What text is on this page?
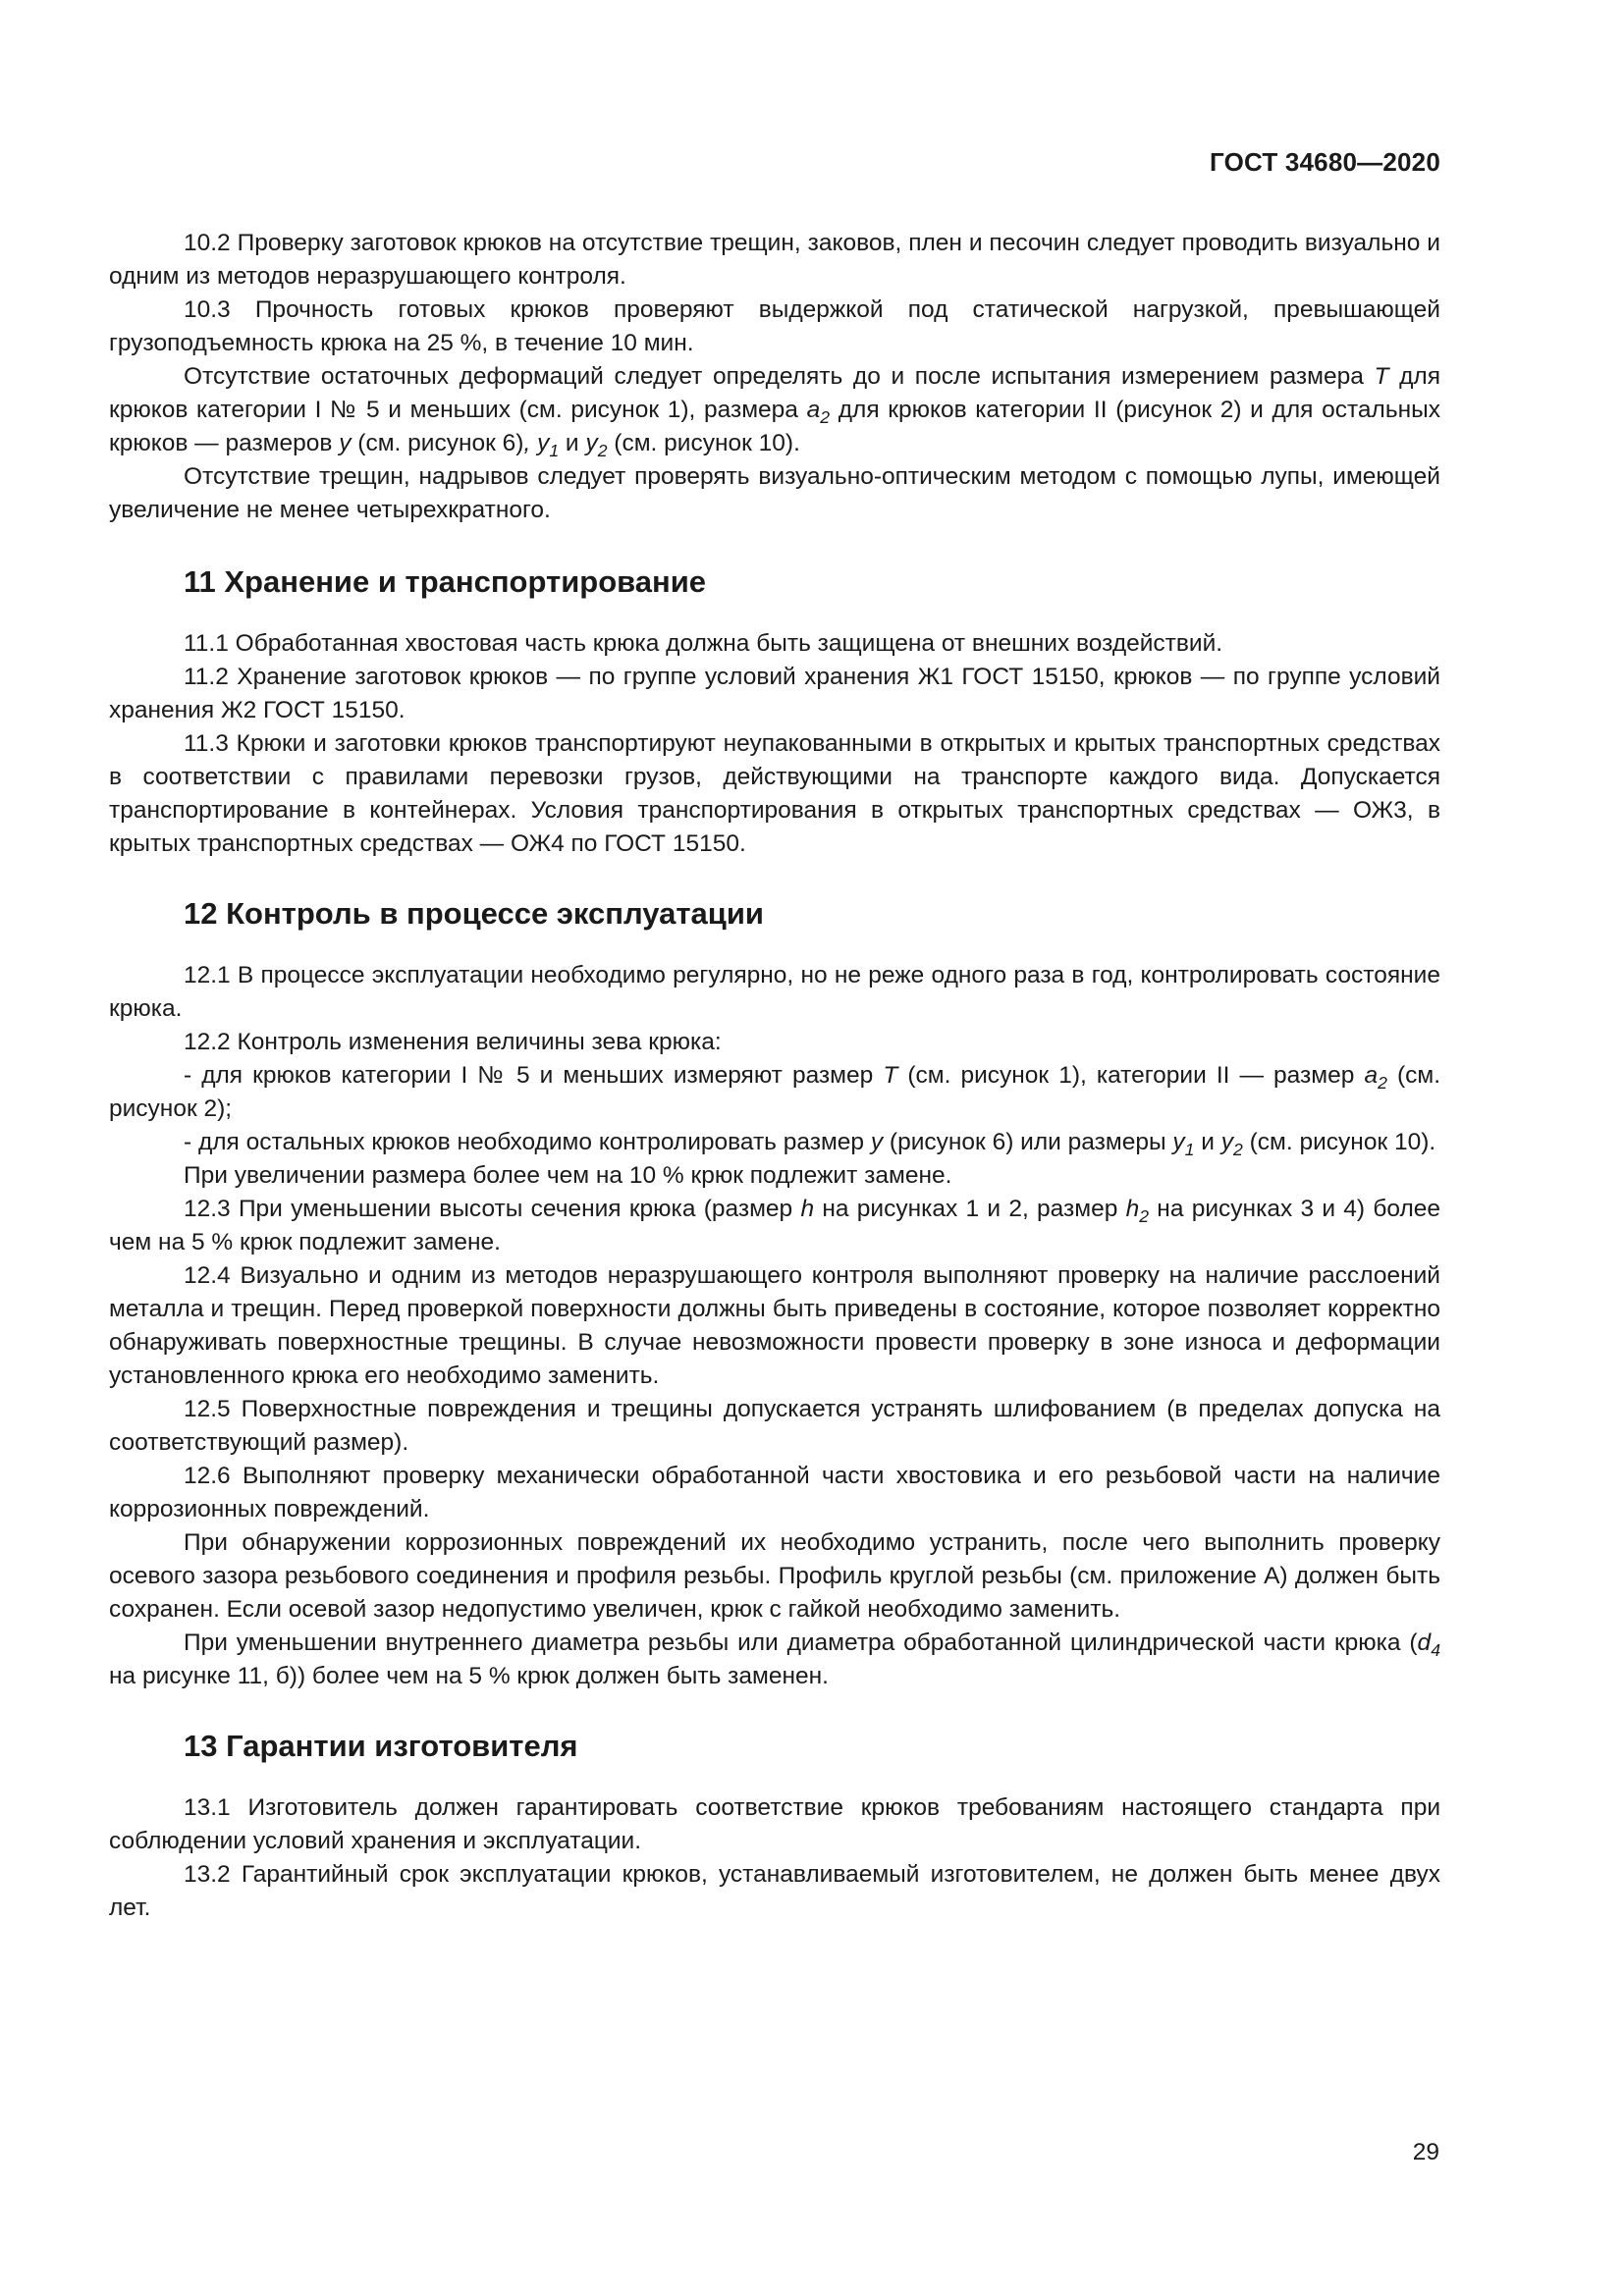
ГОСТ 34680—2020

10.2 Проверку заготовок крюков на отсутствие трещин, заковов, плен и песочин следует проводить визуально и одним из методов неразрушающего контроля.

10.3 Прочность готовых крюков проверяют выдержкой под статической нагрузкой, превышающей грузоподъемность крюка на 25 %, в течение 10 мин.

Отсутствие остаточных деформаций следует определять до и после испытания измерением размера T для крюков категории I № 5 и меньших (см. рисунок 1), размера $a_2$ для крюков категории II (рисунок 2) и для остальных крюков — размеров y (см. рисунок 6), $y_1$ и $y_2$ (см. рисунок 10).

Отсутствие трещин, надрывов следует проверять визуально-оптическим методом с помощью лупы, имеющей увеличение не менее четырехкратного.

11 Хранение и транспортирование

11.1 Обработанная хвостовая часть крюка должна быть защищена от внешних воздействий.

11.2 Хранение заготовок крюков — по группе условий хранения Ж1 ГОСТ 15150, крюков — по группе условий хранения Ж2 ГОСТ 15150.

11.3 Крюки и заготовки крюков транспортируют неупакованными в открытых и крытых транспортных средствах в соответствии с правилами перевозки грузов, действующими на транспорте каждого вида. Допускается транспортирование в контейнерах. Условия транспортирования в открытых транспортных средствах — ОЖ3, в крытых транспортных средствах — ОЖ4 по ГОСТ 15150.

12 Контроль в процессе эксплуатации

12.1 В процессе эксплуатации необходимо регулярно, но не реже одного раза в год, контролировать состояние крюка.

12.2 Контроль изменения величины зева крюка:

- для крюков категории I № 5 и меньших измеряют размер T (см. рисунок 1), категории II — размер $a_2$ (см. рисунок 2);

- для остальных крюков необходимо контролировать размер y (рисунок 6) или размеры $y_1$ и $y_2$ (см. рисунок 10).

При увеличении размера более чем на 10 % крюк подлежит замене.

12.3 При уменьшении высоты сечения крюка (размер h на рисунках 1 и 2, размер $h_2$ на рисунках 3 и 4) более чем на 5 % крюк подлежит замене.

12.4 Визуально и одним из методов неразрушающего контроля выполняют проверку на наличие расслоений металла и трещин. Перед проверкой поверхности должны быть приведены в состояние, которое позволяет корректно обнаруживать поверхностные трещины. В случае невозможности провести проверку в зоне износа и деформации установленного крюка его необходимо заменить.

12.5 Поверхностные повреждения и трещины допускается устранять шлифованием (в пределах допуска на соответствующий размер).

12.6 Выполняют проверку механически обработанной части хвостовика и его резьбовой части на наличие коррозионных повреждений.

При обнаружении коррозионных повреждений их необходимо устранить, после чего выполнить проверку осевого зазора резьбового соединения и профиля резьбы. Профиль круглой резьбы (см. приложение А) должен быть сохранен. Если осевой зазор недопустимо увеличен, крюк с гайкой необходимо заменить.

При уменьшении внутреннего диаметра резьбы или диаметра обработанной цилиндрической части крюка ($d_4$ на рисунке 11, б)) более чем на 5 % крюк должен быть заменен.

13 Гарантии изготовителя

13.1 Изготовитель должен гарантировать соответствие крюков требованиям настоящего стандарта при соблюдении условий хранения и эксплуатации.

13.2 Гарантийный срок эксплуатации крюков, устанавливаемый изготовителем, не должен быть менее двух лет.

29
